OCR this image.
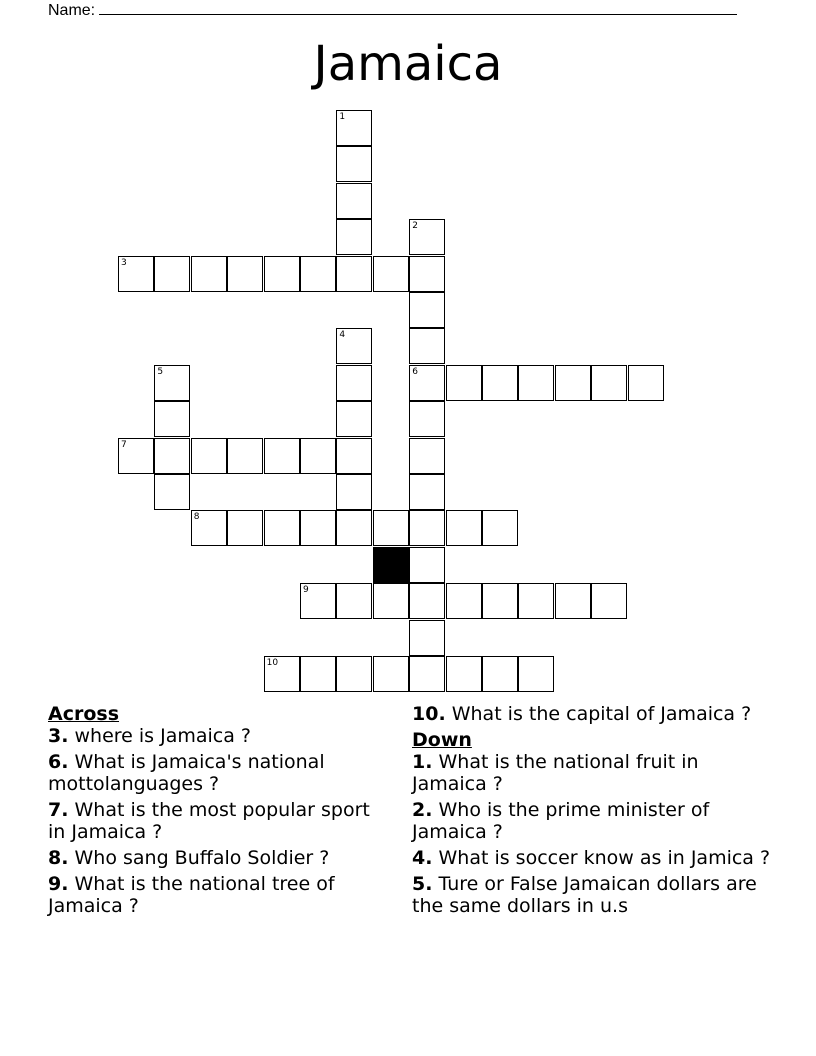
Name:
Jamaica
1
2
6
4
5
3
7
8
9
10
Across
3. where is Jamaica ?
6. What is Jamaica's national mottolanguages ?
7. What is the most popular sport in Jamaica ?
8. Who sang Buffalo Soldier ?
9. What is the national tree of Jamaica ?
10. What is the capital of Jamaica ?
Down
1. What is the national fruit in Jamaica ?
2. Who is the prime minister of Jamaica ?
4. What is soccer know as in Jamica ?
5. Ture or False Jamaican dollars are the same dollars in u.s
